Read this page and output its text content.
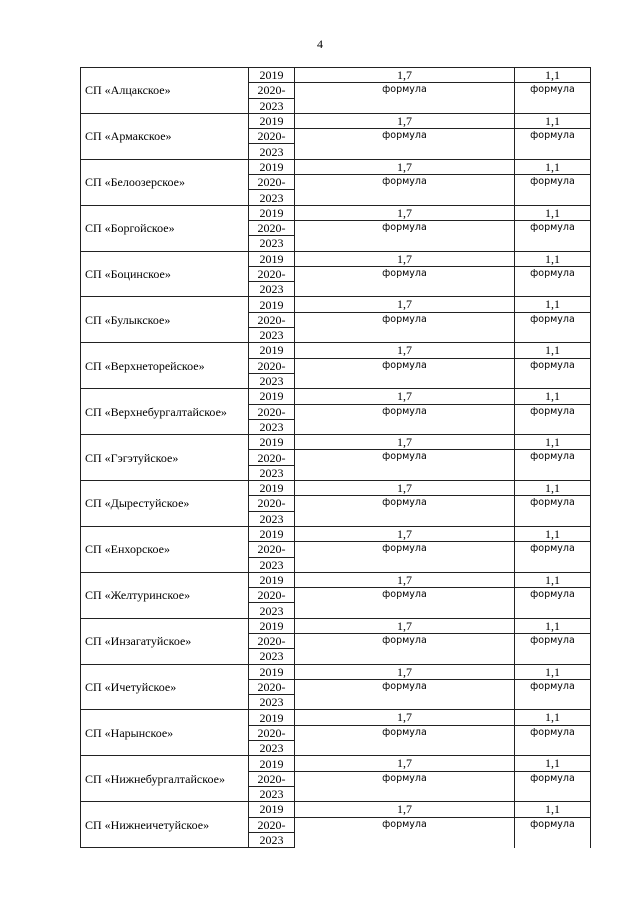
4
СП «Алцакское»	2019	1,7	1,1
	2020-	формула	формула
	2023		
СП «Армакское»	2019	1,7	1,1
	2020-	формула	формула
	2023		
СП «Белоозерское»	2019	1,7	1,1
	2020-	формула	формула
	2023		
СП «Боргойское»	2019	1,7	1,1
	2020-	формула	формула
	2023		
СП «Боцинское»	2019	1,7	1,1
	2020-	формула	формула
	2023		
СП «Булыкское»	2019	1,7	1,1
	2020-	формула	формула
	2023		
СП «Верхнеторейское»	2019	1,7	1,1
	2020-	формула	формула
	2023		
СП «Верхнебургалтайское»	2019	1,7	1,1
	2020-	формула	формула
	2023		
СП «Гэгэтуйское»	2019	1,7	1,1
	2020-	формула	формула
	2023		
СП «Дырестуйское»	2019	1,7	1,1
	2020-	формула	формула
	2023		
СП «Енхорское»	2019	1,7	1,1
	2020-	формула	формула
	2023		
СП «Желтуринское»	2019	1,7	1,1
	2020-	формула	формула
	2023		
СП «Инзагатуйское»	2019	1,7	1,1
	2020-	формула	формула
	2023		
СП «Ичетуйское»	2019	1,7	1,1
	2020-	формула	формула
	2023		
СП «Нарынское»	2019	1,7	1,1
	2020-	формула	формула
	2023		
СП «Нижнебургалтайское»	2019	1,7	1,1
	2020-	формула	формула
	2023		
СП «Нижнеичетуйское»	2019	1,7	1,1
	2020-	формула	формула
	2023		
